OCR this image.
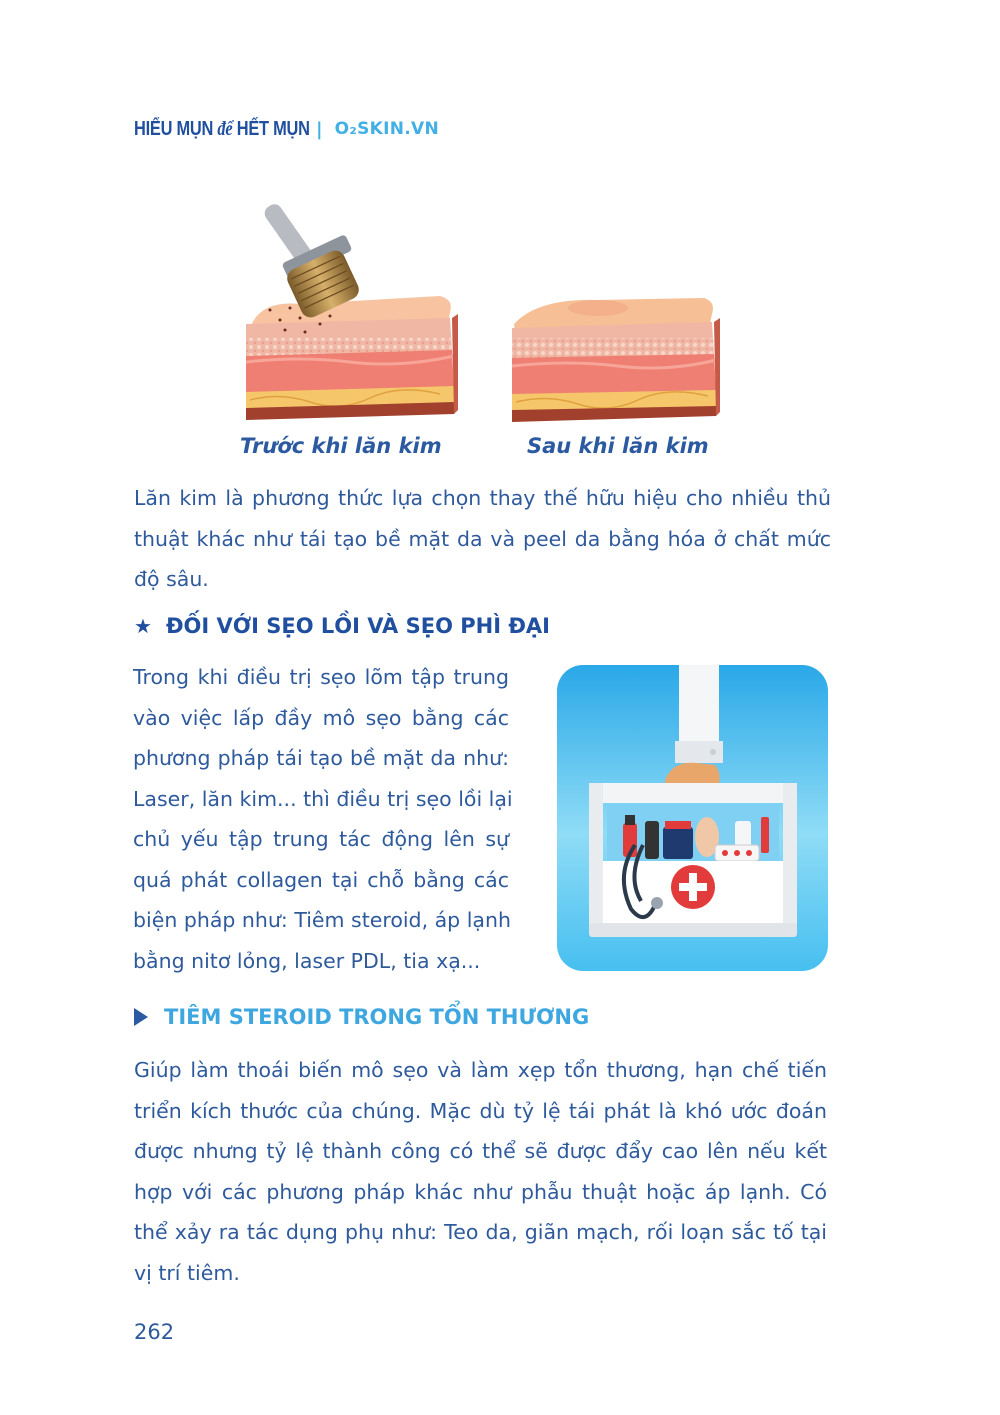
HIỂU MỤN để HẾT MỤN | O₂SKIN.VN
Trước khi lăn kim	Sau khi lăn kim
Lăn kim là phương thức lựa chọn thay thế hữu hiệu cho nhiều thủ
thuật khác như tái tạo bề mặt da và peel da bằng hóa ở chất mức
độ sâu.
★ ĐỐI VỚI SẸO LỒI VÀ SẸO PHÌ ĐẠI
Trong khi điều trị sẹo lõm tập trung
vào việc lấp đầy mô sẹo bằng các
phương pháp tái tạo bề mặt da như:
Laser, lăn kim... thì điều trị sẹo lồi lại
chủ yếu tập trung tác động lên sự
quá phát collagen tại chỗ bằng các
biện pháp như: Tiêm steroid, áp lạnh
bằng nitơ lỏng, laser PDL, tia xạ...
TIÊM STEROID TRONG TỔN THƯƠNG
Giúp làm thoái biến mô sẹo và làm xẹp tổn thương, hạn chế tiến
triển kích thước của chúng. Mặc dù tỷ lệ tái phát là khó ước đoán
được nhưng tỷ lệ thành công có thể sẽ được đẩy cao lên nếu kết
hợp với các phương pháp khác như phẫu thuật hoặc áp lạnh. Có
thể xảy ra tác dụng phụ như: Teo da, giãn mạch, rối loạn sắc tố tại
vị trí tiêm.
262
